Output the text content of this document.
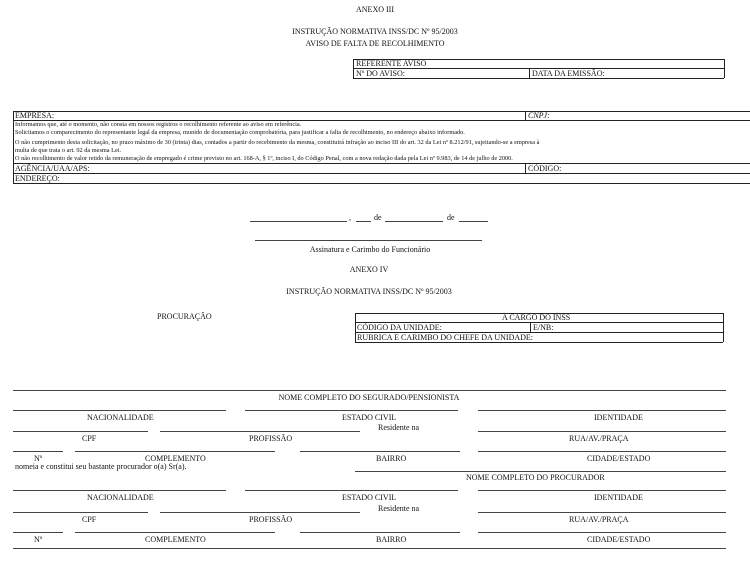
ANEXO III
INSTRUÇÃO NORMATIVA INSS/DC Nº 95/2003
AVISO DE FALTA DE RECOLHIMENTO
REFERENTE AVISO
Nº DO AVISO:	DATA DA EMISSÃO:
EMPRESA:	CNPJ:
Informamos que, até o momento, não consta em nossos registros o recolhimento referente ao aviso em referência.
Solicitamos o comparecimento do representante legal da empresa, munido de documentação comprobatória, para justificar a falta de recolhimento, no endereço abaixo informado.
O não cumprimento desta solicitação, no prazo máximo de 30 (trinta) dias, contados a partir do recebimento da mesma, constituirá infração ao inciso III do art. 32 da Lei nº 8.212/91, sujeitando-se a empresa à
multa de que trata o art. 92 da mesma Lei.
O não recolhimento de valor retido da remuneração de empregado é crime previsto no art. 168-A, § 1º, inciso I, do Código Penal, com a nova redação dada pela Lei nº 9.983, de 14 de julho de 2000.
AGÊNCIA/UAA/APS:	CÓDIGO:
ENDEREÇO:
,	de	de
Assinatura e Carimbo do Funcionário
ANEXO IV
INSTRUÇÃO NORMATIVA INSS/DC Nº 95/2003
PROCURAÇÃO	A CARGO DO INSS
CÓDIGO DA UNIDADE:	E/NB:
RUBRICA E CARIMBO DO CHEFE DA UNIDADE:
NOME COMPLETO DO SEGURADO/PENSIONISTA
NACIONALIDADE	ESTADO CIVIL	IDENTIDADE
Residente na
CPF	PROFISSÃO	RUA/AV./PRAÇA
Nº	COMPLEMENTO	BAIRRO	CIDADE/ESTADO
nomeia e constitui seu bastante procurador o(a) Sr(a).
NOME COMPLETO DO PROCURADOR
NACIONALIDADE	ESTADO CIVIL	IDENTIDADE
Residente na
CPF	PROFISSÃO	RUA/AV./PRAÇA
Nº	COMPLEMENTO	BAIRRO	CIDADE/ESTADO
